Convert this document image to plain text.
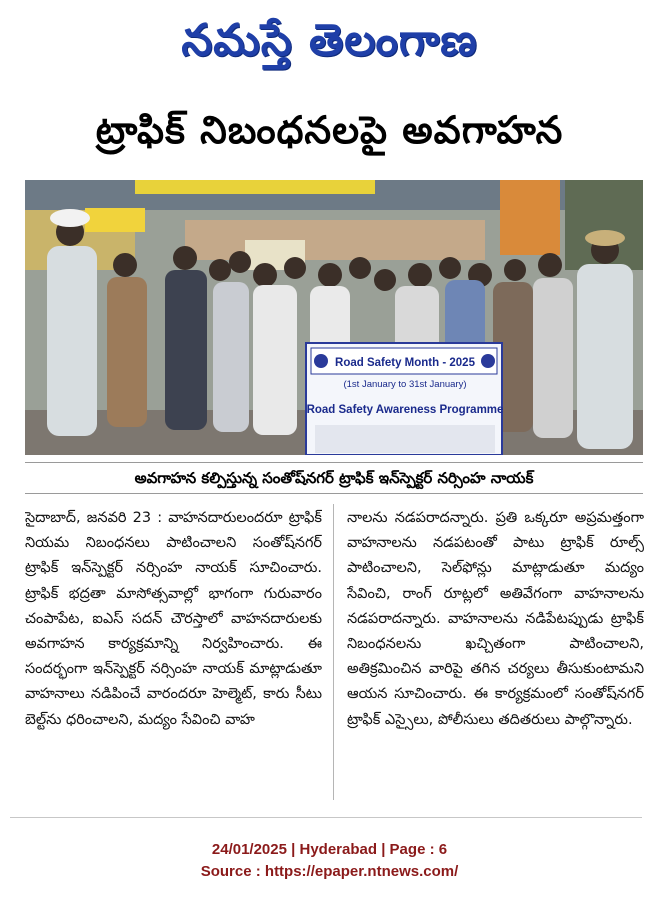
నమస్తే తెలంగాణ
ట్రాఫిక్ నిబంధనలపై అవగాహన
Road Safety Month - 2025
(1st January to 31st January)
Road Safety Awareness Programme
అవగాహన కల్పిస్తున్న సంతోష్‌నగర్ ట్రాఫిక్ ఇన్‌స్పెక్టర్ నర్సింహ నాయక్
సైదాబాద్, జనవరి 23 : వాహనదారులందరూ ట్రాఫిక్ నియమ నిబంధనలు పాటించాలని సంతోష్‌నగర్ ట్రాఫిక్ ఇన్‌స్పెక్టర్ నర్సింహ నాయక్ సూచించారు. ట్రాఫిక్ భద్రతా మాసోత్సవాల్లో భాగంగా గురువారం చంపాపేట, ఐఎస్ సదన్ చౌరస్తాలో వాహనదారులకు అవగాహన కార్యక్రమాన్ని నిర్వహించారు. ఈ సందర్భంగా ఇన్‌స్పెక్టర్ నర్సింహ నాయక్ మాట్లాడుతూ వాహనాలు నడిపించే వారందరూ హెల్మెట్, కారు సీటు బెల్ట్‌ను ధరించాలని, మద్యం సేవించి వాహ
నాలను నడపరాదన్నారు. ప్రతి ఒక్కరూ అప్రమత్తంగా వాహనాలను నడపటంతో పాటు ట్రాఫిక్ రూల్స్ పాటించాలని, సెల్‌ఫోన్లు మాట్లాడుతూ మద్యం సేవించి, రాంగ్ రూట్లలో అతివేగంగా వాహనాలను నడపరాదన్నారు. వాహనాలను నడిపేటప్పుడు ట్రాఫిక్ నిబంధనలను ఖచ్చితంగా పాటించాలని, అతిక్రమించిన వారిపై తగిన చర్యలు తీసుకుంటామని ఆయన సూచించారు. ఈ కార్యక్రమంలో సంతోష్‌నగర్ ట్రాఫిక్ ఎస్సైలు, పోలీసులు తదితరులు పాల్గొన్నారు.
24/01/2025 | Hyderabad | Page : 6
Source : https://epaper.ntnews.com/
